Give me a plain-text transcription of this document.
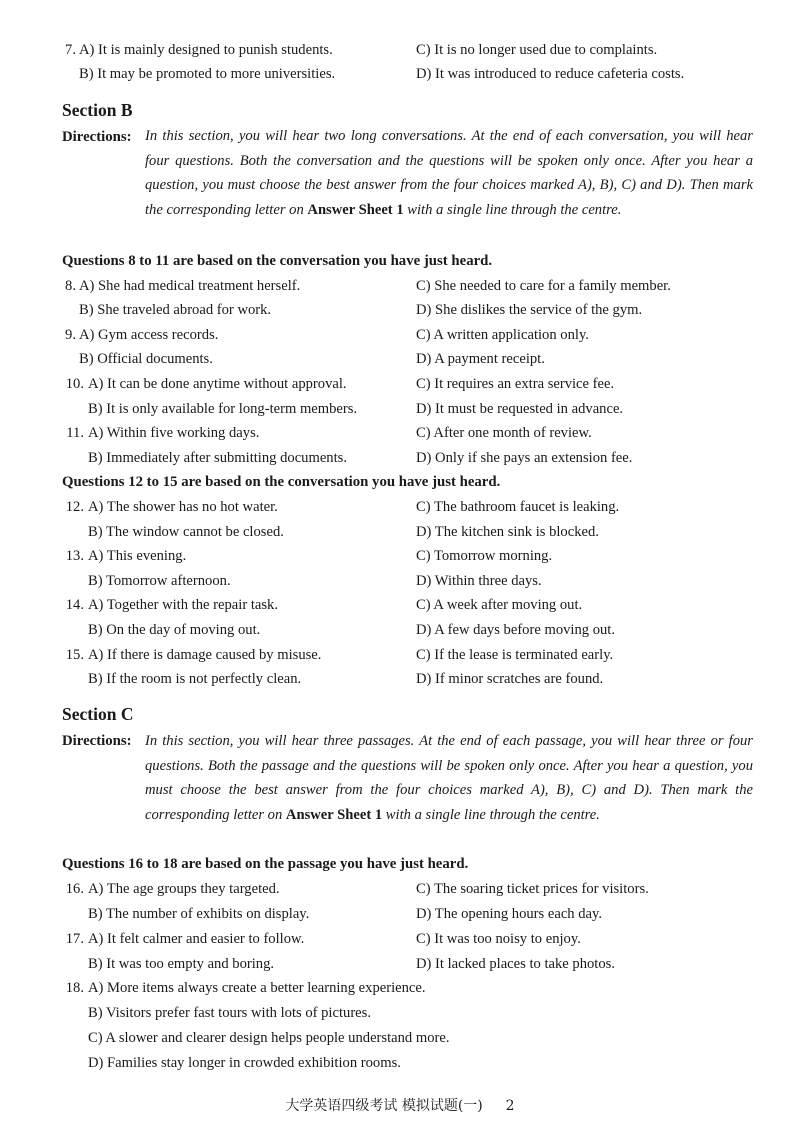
7. A) It is mainly designed to punish students.	C) It is no longer used due to complaints.
B) It may be promoted to more universities.	D) It was introduced to reduce cafeteria costs.
Section B
Directions: In this section, you will hear two long conversations. At the end of each conversation, you will hear four questions. Both the conversation and the questions will be spoken only once. After you hear a question, you must choose the best answer from the four choices marked A), B), C) and D). Then mark the corresponding letter on Answer Sheet 1 with a single line through the centre.
Questions 8 to 11 are based on the conversation you have just heard.
8. A) She had medical treatment herself.	C) She needed to care for a family member.
B) She traveled abroad for work.	D) She dislikes the service of the gym.
9. A) Gym access records.	C) A written application only.
B) Official documents.	D) A payment receipt.
10. A) It can be done anytime without approval.	C) It requires an extra service fee.
B) It is only available for long-term members.	D) It must be requested in advance.
11. A) Within five working days.	C) After one month of review.
B) Immediately after submitting documents.	D) Only if she pays an extension fee.
Questions 12 to 15 are based on the conversation you have just heard.
12. A) The shower has no hot water.	C) The bathroom faucet is leaking.
B) The window cannot be closed.	D) The kitchen sink is blocked.
13. A) This evening.	C) Tomorrow morning.
B) Tomorrow afternoon.	D) Within three days.
14. A) Together with the repair task.	C) A week after moving out.
B) On the day of moving out.	D) A few days before moving out.
15. A) If there is damage caused by misuse.	C) If the lease is terminated early.
B) If the room is not perfectly clean.	D) If minor scratches are found.
Section C
Directions: In this section, you will hear three passages. At the end of each passage, you will hear three or four questions. Both the passage and the questions will be spoken only once. After you hear a question, you must choose the best answer from the four choices marked A), B), C) and D). Then mark the corresponding letter on Answer Sheet 1 with a single line through the centre.
Questions 16 to 18 are based on the passage you have just heard.
16. A) The age groups they targeted.	C) The soaring ticket prices for visitors.
B) The number of exhibits on display.	D) The opening hours each day.
17. A) It felt calmer and easier to follow.	C) It was too noisy to enjoy.
B) It was too empty and boring.	D) It lacked places to take photos.
18. A) More items always create a better learning experience.
B) Visitors prefer fast tours with lots of pictures.
C) A slower and clearer design helps people understand more.
D) Families stay longer in crowded exhibition rooms.
大学英语四级考试 模拟试题(一) 2
